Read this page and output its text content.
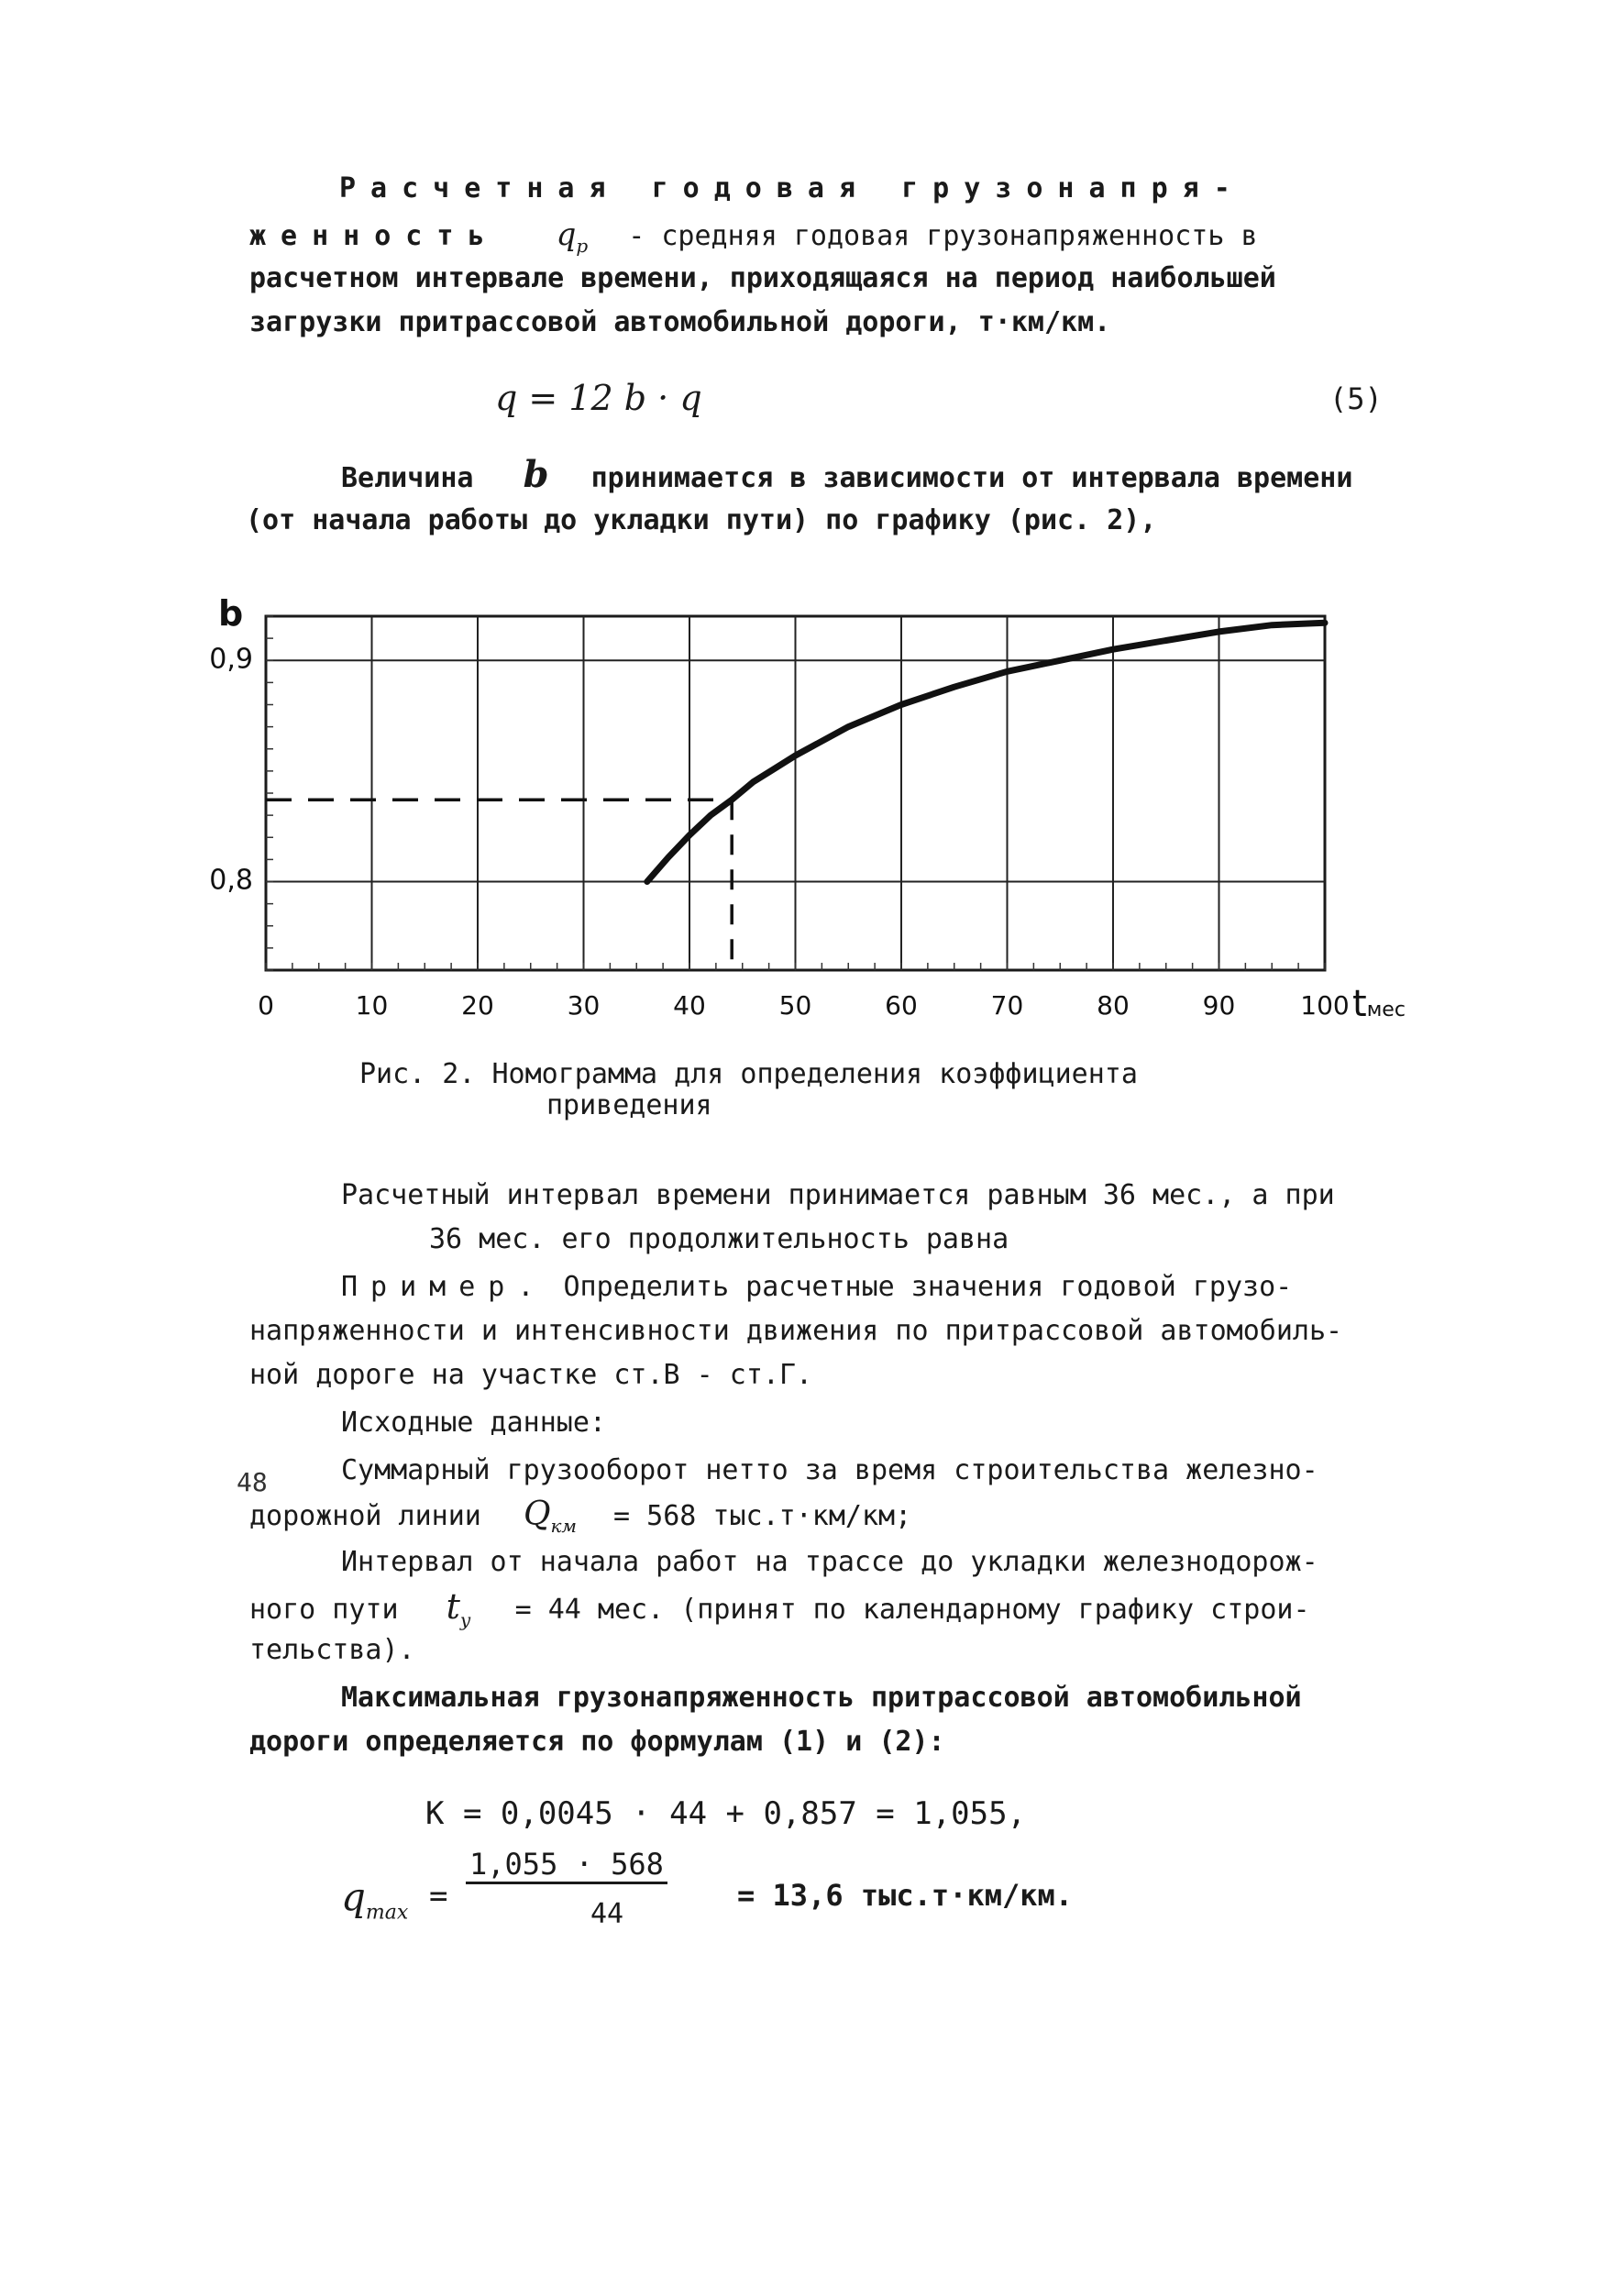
Расчетная годовая грузонапря-
женность $q_р$ - средняя годовая грузонапряженность в
расчетном интервале времени, приходящаяся на период наибольшей
загрузки притрассовой автомобильной дороги, т·км/км.
q = 12 b · q	(5)
Величина b принимается в зависимости от интервала времени
(от начала работы до укладки пути) по графику (рис. 2),
0	10	20	30	40	50	60	70	80	90	100
0,9
0,8
b
tмес
Рис. 2. Номограмма для определения коэффициента
приведения
Расчетный интервал времени принимается равным 36 мес., а при
36 мес. его продолжительность равна
Пример. Определить расчетные значения годовой грузо-
напряженности и интенсивности движения по притрассовой автомобиль-
ной дороге на участке ст.В - ст.Г.
Исходные данные:
Суммарный грузооборот нетто за время строительства железно-
дорожной линии $Q_{км} = 568$ тыс.т·км/км;
Интервал от начала работ на трассе до укладки железнодорож-
ного пути $t_у = 44$ мес. (принят по календарному графику строи-
тельства).
Максимальная грузонапряженность притрассовой автомобильной
дороги определяется по формулам (1) и (2):
К = 0,0045 · 44 + 0,857 = 1,055,
$q_{max}$ =
1,055 · 568
44
= 13,6 тыс.т·км/км.
48
